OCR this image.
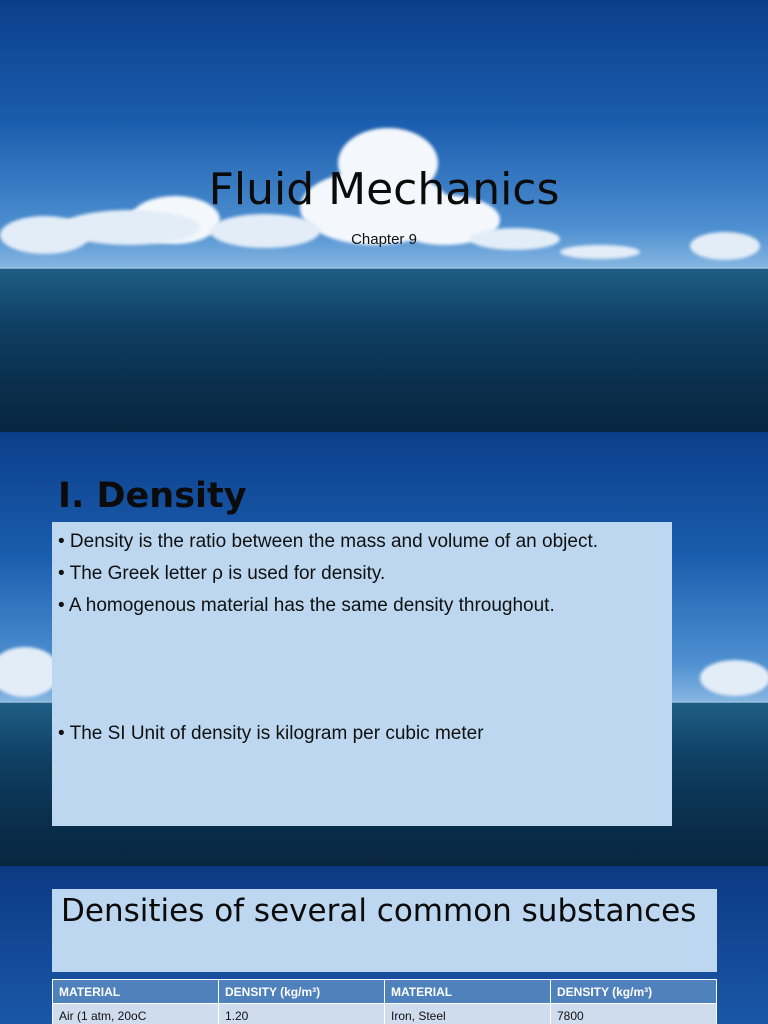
Fluid Mechanics
Chapter 9
I. Density
• Density is the ratio between the mass and volume of an object.
• The Greek letter ρ is used for density.
• A homogenous material has the same density throughout.
• The SI Unit of density is kilogram per cubic meter
Densities of several common substances
MATERIAL	DENSITY (kg/m³)	MATERIAL	DENSITY (kg/m³)
Air (1 atm, 20oC	1.20	Iron, Steel	7800
